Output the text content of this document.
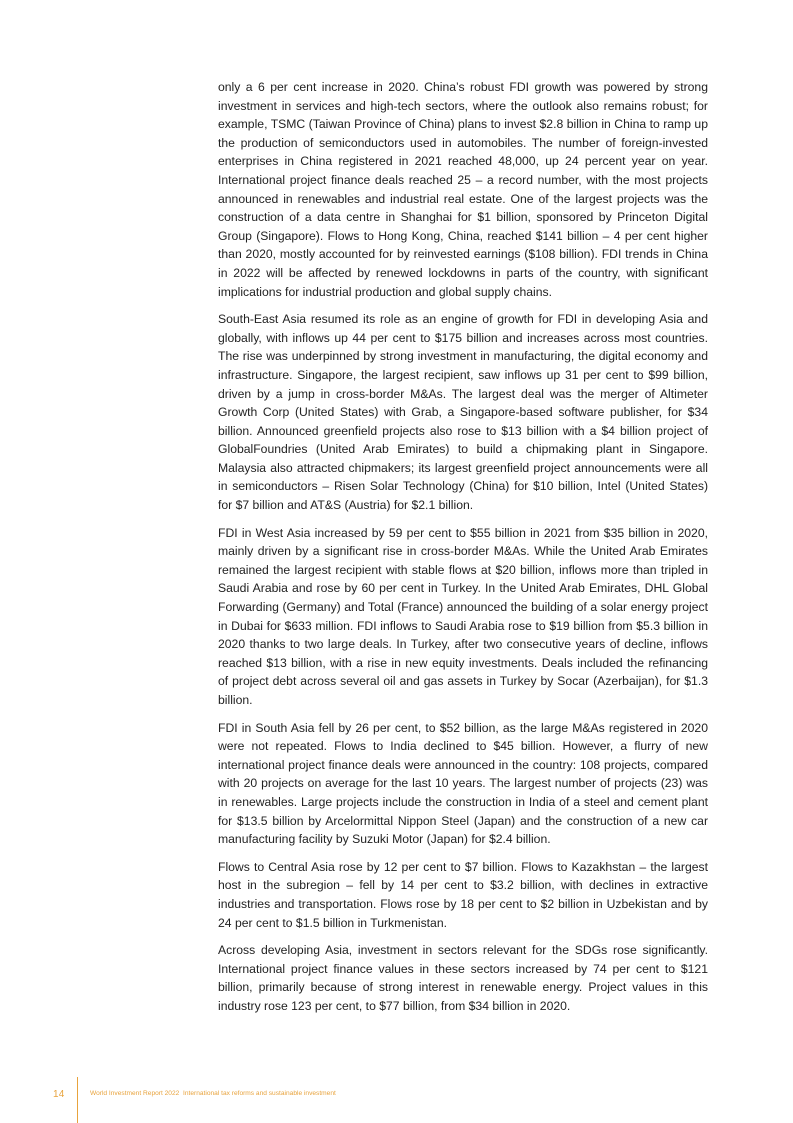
only a 6 per cent increase in 2020. China’s robust FDI growth was powered by strong investment in services and high-tech sectors, where the outlook also remains robust; for example, TSMC (Taiwan Province of China) plans to invest $2.8 billion in China to ramp up the production of semiconductors used in automobiles. The number of foreign-invested enterprises in China registered in 2021 reached 48,000, up 24 percent year on year. International project finance deals reached 25 – a record number, with the most projects announced in renewables and industrial real estate. One of the largest projects was the construction of a data centre in Shanghai for $1 billion, sponsored by Princeton Digital Group (Singapore). Flows to Hong Kong, China, reached $141 billion – 4 per cent higher than 2020, mostly accounted for by reinvested earnings ($108 billion). FDI trends in China in 2022 will be affected by renewed lockdowns in parts of the country, with significant implications for industrial production and global supply chains.

South-East Asia resumed its role as an engine of growth for FDI in developing Asia and globally, with inflows up 44 per cent to $175 billion and increases across most countries. The rise was underpinned by strong investment in manufacturing, the digital economy and infrastructure. Singapore, the largest recipient, saw inflows up 31 per cent to $99 billion, driven by a jump in cross-border M&As. The largest deal was the merger of Altimeter Growth Corp (United States) with Grab, a Singapore-based software publisher, for $34 billion. Announced greenfield projects also rose to $13 billion with a $4 billion project of GlobalFoundries (United Arab Emirates) to build a chipmaking plant in Singapore. Malaysia also attracted chipmakers; its largest greenfield project announcements were all in semiconductors – Risen Solar Technology (China) for $10 billion, Intel (United States) for $7 billion and AT&S (Austria) for $2.1 billion.

FDI in West Asia increased by 59 per cent to $55 billion in 2021 from $35 billion in 2020, mainly driven by a significant rise in cross-border M&As. While the United Arab Emirates remained the largest recipient with stable flows at $20 billion, inflows more than tripled in Saudi Arabia and rose by 60 per cent in Turkey. In the United Arab Emirates, DHL Global Forwarding (Germany) and Total (France) announced the building of a solar energy project in Dubai for $633 million. FDI inflows to Saudi Arabia rose to $19 billion from $5.3 billion in 2020 thanks to two large deals. In Turkey, after two consecutive years of decline, inflows reached $13 billion, with a rise in new equity investments. Deals included the refinancing of project debt across several oil and gas assets in Turkey by Socar (Azerbaijan), for $1.3 billion.

FDI in South Asia fell by 26 per cent, to $52 billion, as the large M&As registered in 2020 were not repeated. Flows to India declined to $45 billion. However, a flurry of new international project finance deals were announced in the country: 108 projects, compared with 20 projects on average for the last 10 years. The largest number of projects (23) was in renewables. Large projects include the construction in India of a steel and cement plant for $13.5 billion by Arcelormittal Nippon Steel (Japan) and the construction of a new car manufacturing facility by Suzuki Motor (Japan) for $2.4 billion.

Flows to Central Asia rose by 12 per cent to $7 billion. Flows to Kazakhstan – the largest host in the subregion – fell by 14 per cent to $3.2 billion, with declines in extractive industries and transportation. Flows rose by 18 per cent to $2 billion in Uzbekistan and by 24 per cent to $1.5 billion in Turkmenistan.

Across developing Asia, investment in sectors relevant for the SDGs rose significantly. International project finance values in these sectors increased by 74 per cent to $121 billion, primarily because of strong interest in renewable energy. Project values in this industry rose 123 per cent, to $77 billion, from $34 billion in 2020.

14	World Investment Report 2022 International tax reforms and sustainable investment
